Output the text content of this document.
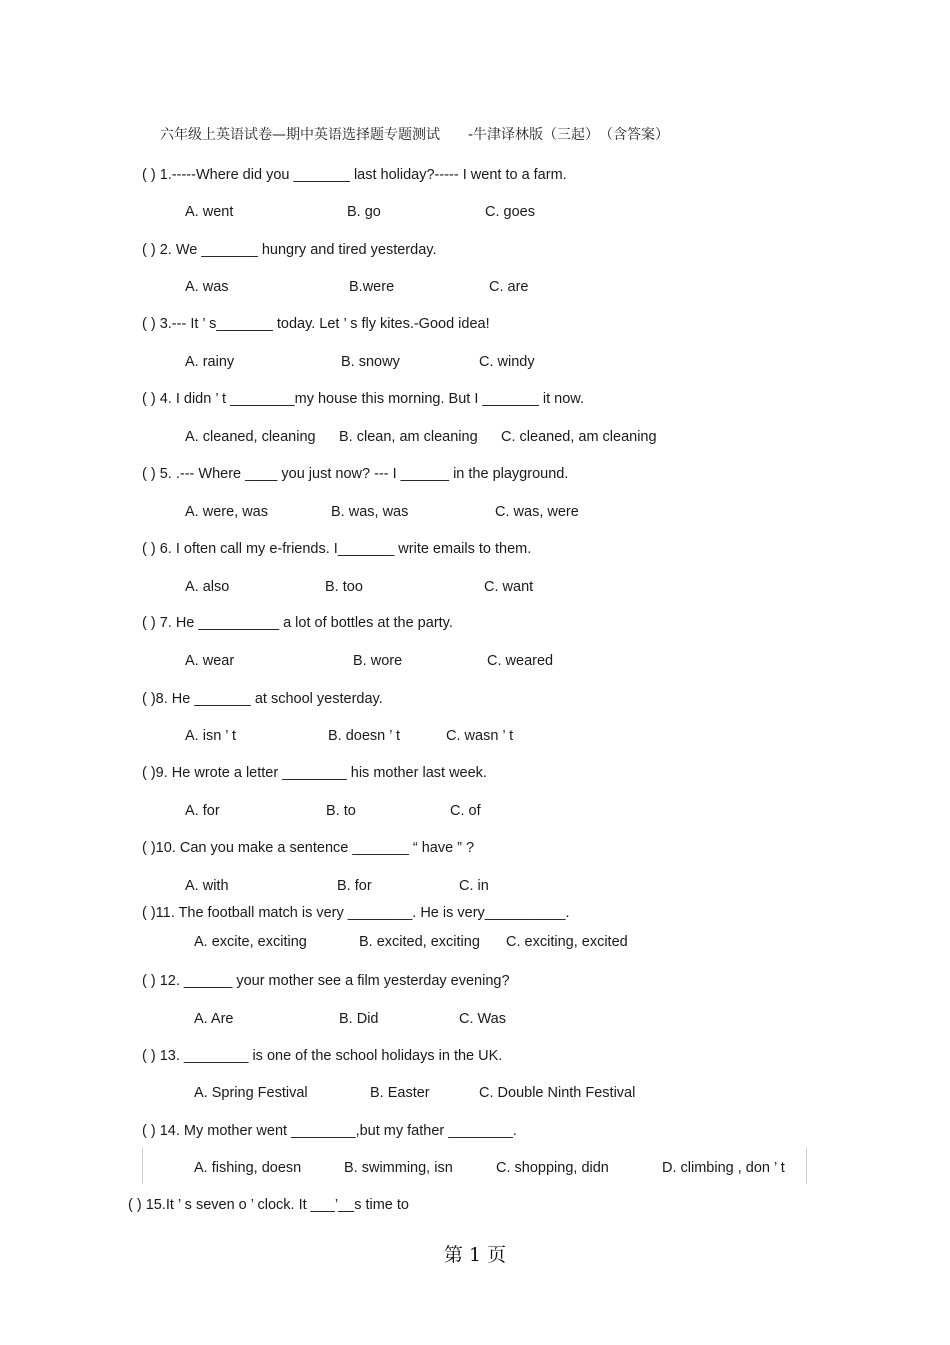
六年级上英语试卷—期中英语选择题专题测试　　-牛津译林版（三起）　（含答案）
( ) 1.-----Where did you _______ last holiday?----- I went to a farm.
A. went	B. go	C. goes
( ) 2. We _______ hungry and tired yesterday.
A. was	B.were	C. are
( ) 3.--- It ’ s_______ today. Let ’ s fly kites.-Good idea!
A. rainy	B. snowy	C. windy
( ) 4. I didn ’ t ________my house this morning. But I _______ it now.
A. cleaned, cleaning B. clean, am cleaning C. cleaned, am cleaning
( ) 5. .--- Where ____ you just now? --- I ______ in the playground.
A. were, was	B. was, was	C. was, were
( ) 6. I often call my e-friends. I_______ write emails to them.
A. also	B. too	C. want
( ) 7. He __________ a lot of bottles at the party.
A. wear	B. wore	C. weared
( )8. He _______ at school yesterday.
A. isn ’ t	B. doesn ’ t	C. wasn ’ t
( )9. He wrote a letter ________ his mother last week.
A. for	B. to	C. of
( )10. Can you make a sentence _______ “ have ” ?
A. with	B. for	C. in
( )11. The football match is very ________. He is very__________.
A. excite, exciting	B. excited, exciting C. exciting, excited
( ) 12. ______ your mother see a film yesterday evening?
A. Are	B. Did	C. Was
( ) 13. ________ is one of the school holidays in the UK.
A. Spring Festival	B. Easter	C. Double Ninth Festival
( ) 14. My mother went ________,but my father ________.
A. fishing, doesn	B. swimming, isn	C. shopping, didn	D. climbing , don ’ t
( ) 15.It ’ s seven o ’ clock. It ___’__s time to
第 1 页
